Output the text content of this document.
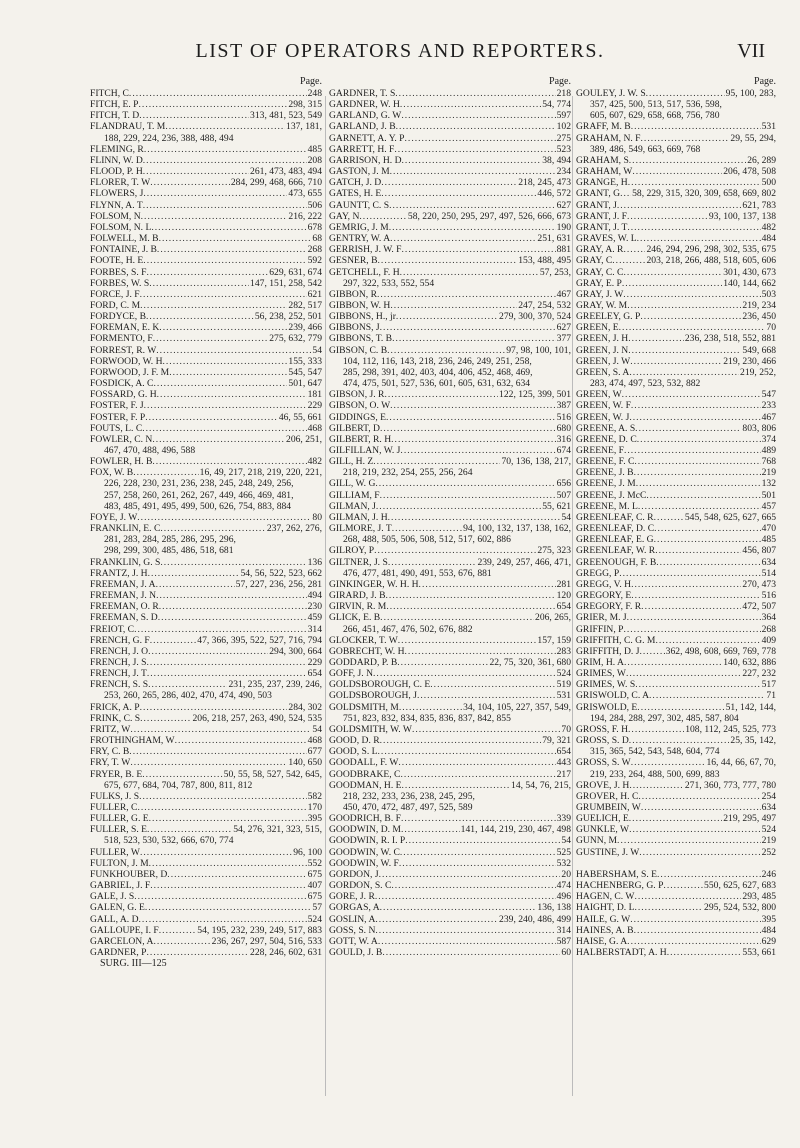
LIST OF OPERATORS AND REPORTERS.	VII
Page.
FITCH, C .....	248
FITCH, E. P .....	298, 315
FITCH, T. D .....	313, 481, 523, 549
FLANDRAU, T. M .....	137, 181,
188, 229, 224, 236, 388, 488, 494
FLEMING, R .....	485
FLINN, W. D .....	208
FLOOD, P. H .....	261, 473, 483, 494
FLORER, T. W .....	284, 299, 468, 666, 710
FLOWERS, J .....	473, 655
FLYNN, A. T .....	506
FOLSOM, N .....	216, 222
FOLSOM, N. L .....	678
FOLWELL, M. B .....	68
FONTAINE, J. B .....	268
FOOTE, H. E .....	592
FORBES, S. F .....	629, 631, 674
FORBES, W. S .....	147, 151, 258, 542
FORCE, J. F .....	621
FORD, C. M .....	282, 517
FORDYCE, B .....	56, 238, 252, 501
FOREMAN, E. K .....	239, 466
FORMENTO, F .....	275, 632, 779
FORREST, R. W .....	54
FORWOOD, W. H .....	155, 333
FORWOOD, J. F. M .....	545, 547
FOSDICK, A. C .....	501, 647
FOSSARD, G. H .....	181
FOSTER, F. J .....	229
FOSTER, F. P .....	46, 55, 661
FOUTS, L. C .....	468
FOWLER, C. N .....	206, 251,
467, 470, 488, 496, 588
FOWLER, H. B .....	482
FOX, W. B .....	16, 49, 217, 218, 219, 220, 221,
226, 228, 230, 231, 236, 238, 245, 248, 249, 256,
257, 258, 260, 261, 262, 267, 449, 466, 469, 481,
483, 485, 491, 495, 499, 500, 626, 754, 883, 884
FOYE, J. W .....	80
FRANKLIN, E. C .....	237, 262, 276,
281, 283, 284, 285, 286, 295, 296,
298, 299, 300, 485, 486, 518, 681
FRANKLIN, G. S .....	136
FRANTZ, J. H .....	54, 56, 522, 523, 662
FREEMAN, J. A .....	57, 227, 236, 256, 281
FREEMAN, J. N .....	494
FREEMAN, O. R .....	230
FREEMAN, S. D .....	459
FREIOT, C .....	314
FRENCH, G. F .....	47, 366, 395, 522, 527, 716, 794
FRENCH, J. O .....	294, 300, 664
FRENCH, J. S .....	229
FRENCH, J. T .....	654
FRENCH, S. S .....	231, 235, 237, 239, 246,
253, 260, 265, 286, 402, 470, 474, 490, 503
FRICK, A. P .....	284, 302
FRINK, C. S .....	206, 218, 257, 263, 490, 524, 535
FRITZ, W .....	54
FROTHINGHAM, W .....	468
FRY, C. B .....	677
FRY, T. W .....	140, 650
FRYER, B. E .....	50, 55, 58, 527, 542, 645,
675, 677, 684, 704, 787, 800, 811, 812
FULKS, J. S .....	582
FULLER, C .....	170
FULLER, G. E .....	395
FULLER, S. E .....	54, 276, 321, 323, 515,
518, 523, 530, 532, 666, 670, 774
FULLER, W .....	96, 100
FULTON, J. M .....	552
FUNKHOUBER, D .....	675
GABRIEL, J. F .....	407
GALE, J. S .....	675
GALEN, G. E .....	57
GALL, A. D .....	524
GALLOUPE, I. F .....	54, 195, 232, 239, 249, 517, 883
GARCELON, A .....	236, 267, 297, 504, 516, 533
GARDNER, P .....	228, 246, 602, 631
SURG. III—125
Page.
GARDNER, T. S .....	218
GARDNER, W. H .....	54, 774
GARLAND, G. W .....	597
GARLAND, J. B .....	102
GARNETT, A. Y. P .....	275
GARRETT, H. F .....	523
GARRISON, H. D .....	38, 494
GASTON, J. M .....	234
GATCH, J. D .....	218, 245, 473
GATES, H. E .....	446, 572
GAUNTT, C. S .....	627
GAY, N .....	58, 220, 250, 295, 297, 497, 526, 666, 673
GEMRIG, J. M .....	190
GENTRY, W. A .....	251, 631
GERRISH, J. W. F .....	881
GESNER, B .....	153, 488, 495
GETCHELL, F. H .....	57, 253,
297, 322, 533, 552, 554
GIBBON, R .....	467
GIBBON, W. H .....	247, 254, 532
GIBBONS, H., jr .....	279, 300, 370, 524
GIBBONS, J .....	627
GIBBONS, T. B .....	377
GIBSON, C. B .....	97, 98, 100, 101,
104, 112, 116, 143, 218, 236, 246, 249, 251, 258,
285, 298, 391, 402, 403, 404, 406, 452, 468, 469,
474, 475, 501, 527, 536, 601, 605, 631, 632, 634
GIBSON, J. R .....	122, 125, 399, 501
GIBSON, O. W .....	387
GIDDINGS, E .....	516
GILBERT, D .....	680
GILBERT, R. H .....	316
GILFILLAN, W. J .....	674
GILL, H. Z .....	70, 136, 138, 217,
218, 219, 232, 254, 255, 256, 264
GILL, W. G .....	656
GILLIAM, F .....	507
GILMAN, J .....	55, 621
GILMAN, J. H .....	54
GILMORE, J. T .....	94, 100, 132, 137, 138, 162,
268, 488, 505, 506, 508, 512, 517, 602, 886
GILROY, P .....	275, 323
GILTNER, J. S .....	239, 249, 257, 466, 471,
476, 477, 481, 490, 491, 553, 676, 881
GINKINGER, W. H. H .....	281
GIRARD, J. B .....	120
GIRVIN, R. M .....	654
GLICK, E. B .....	206, 265,
266, 451, 467, 476, 502, 676, 882
GLOCKER, T. W .....	157, 159
GOBRECHT, W. H .....	283
GODDARD, P. B .....	22, 75, 320, 361, 680
GOFF, J. N .....	524
GOLDSBOROUGH, C. E .....	519
GOLDSBOROUGH, J .....	531
GOLDSMITH, M .....	34, 104, 105, 227, 357, 549,
751, 823, 832, 834, 835, 836, 837, 842, 855
GOLDSMITH, W. W .....	70
GOOD, D. R .....	79, 321
GOOD, S. L .....	654
GOODALL, F. W .....	443
GOODBRAKE, C .....	217
GOODMAN, H. E .....	14, 54, 76, 215,
218, 232, 233, 236, 238, 245, 295,
450, 470, 472, 487, 497, 525, 589
GOODRICH, B. F .....	339
GOODWIN, D. M .....	141, 144, 219, 230, 467, 498
GOODWIN, R. I. P .....	54
GOODWIN, W. C .....	525
GOODWIN, W. F .....	532
GORDON, J .....	20
GORDON, S. C .....	474
GORE, J. R .....	496
GORGAS, A .....	136, 138
GOSLIN, A .....	239, 240, 486, 499
GOSS, S. N .....	314
GOTT, W. A .....	587
GOULD, J. B .....	60
Page.
GOULEY, J. W. S .....	95, 100, 283,
357, 425, 500, 513, 517, 536, 598,
605, 607, 629, 658, 668, 756, 780
GRAFF, M. B .....	531
GRAHAM, N. F .....	29, 55, 294,
389, 486, 549, 663, 669, 768
GRAHAM, S .....	26, 289
GRAHAM, W .....	206, 478, 508
GRANGE, H .....	500
GRANT, G ..... 58, 229, 315, 320, 309, 658, 669, 802
GRANT, J .....	621, 783
GRANT, J. F .....	93, 100, 137, 138
GRANT, J. T .....	482
GRAVES, W. L .....	484
GRAY, A. R ..... 246, 294, 296, 298, 302, 535, 675
GRAY, C .....	203, 218, 266, 488, 518, 605, 606
GRAY, C. C .....	301, 430, 673
GRAY, E. P .....	140, 144, 662
GRAY, J. W .....	503
GRAY, W. M .....	219, 234
GREELEY, G. P .....	236, 450
GREEN, E .....	70
GREEN, J. H .....	236, 238, 518, 552, 881
GREEN, J. N .....	549, 668
GREEN, J. W .....	219, 230, 466
GREEN, S. A .....	219, 252,
283, 474, 497, 523, 532, 882
GREEN, W .....	547
GREEN, W. F .....	233
GREEN, W. J .....	467
GREENE, A. S .....	803, 806
GREENE, D. C .....	374
GREENE, F .....	489
GREENE, F. C .....	768
GREENE, J. B .....	219
GREENE, J. M .....	132
GREENE, J. McC .....	501
GREENE, M. L .....	457
GREENLEAF, C. R .....	545, 548, 625, 627, 665
GREENLEAF, D. C .....	470
GREENLEAF, E. G .....	485
GREENLEAF, W. R .....	456, 807
GREENOUGH, F. B .....	634
GREGG, P .....	514
GREGG, V. H .....	270, 473
GREGORY, E .....	516
GREGORY, F. R .....	472, 507
GRIER, M. J .....	364
GRIFFIN, P .....	268
GRIFFITH, C. G. M .....	409
GRIFFITH, D. J .....	362, 498, 608, 669, 769, 778
GRIM, H. A .....	140, 632, 886
GRIMES, W .....	227, 232
GRIMES, W. S .....	517
GRISWOLD, C. A .....	71
GRISWOLD, E .....	51, 142, 144,
194, 284, 288, 297, 302, 485, 587, 804
GROSS, F. H .....	108, 112, 245, 525, 773
GROSS, S. D .....	25, 35, 142,
315, 365, 542, 543, 548, 604, 774
GROSS, S. W .....	16, 44, 66, 67, 70,
219, 233, 264, 488, 500, 699, 883
GROVE, J. H .....	271, 360, 773, 777, 780
GROVER, H. C .....	254
GRUMBEIN, W .....	634
GUELICH, E .....	219, 295, 497
GUNKLE, W .....	524
GUNN, M .....	219
GUSTINE, J. W .....	252

HABERSHAM, S. E .....	246
HACHENBERG, G. P .....	550, 625, 627, 683
HAGEN, C. W .....	293, 485
HAIGHT, D. L .....	295, 524, 532, 800
HAILE, G. W .....	395
HAINES, A. B .....	484
HAISE, G. A .....	629
HALBERSTADT, A. H .....	553, 661
